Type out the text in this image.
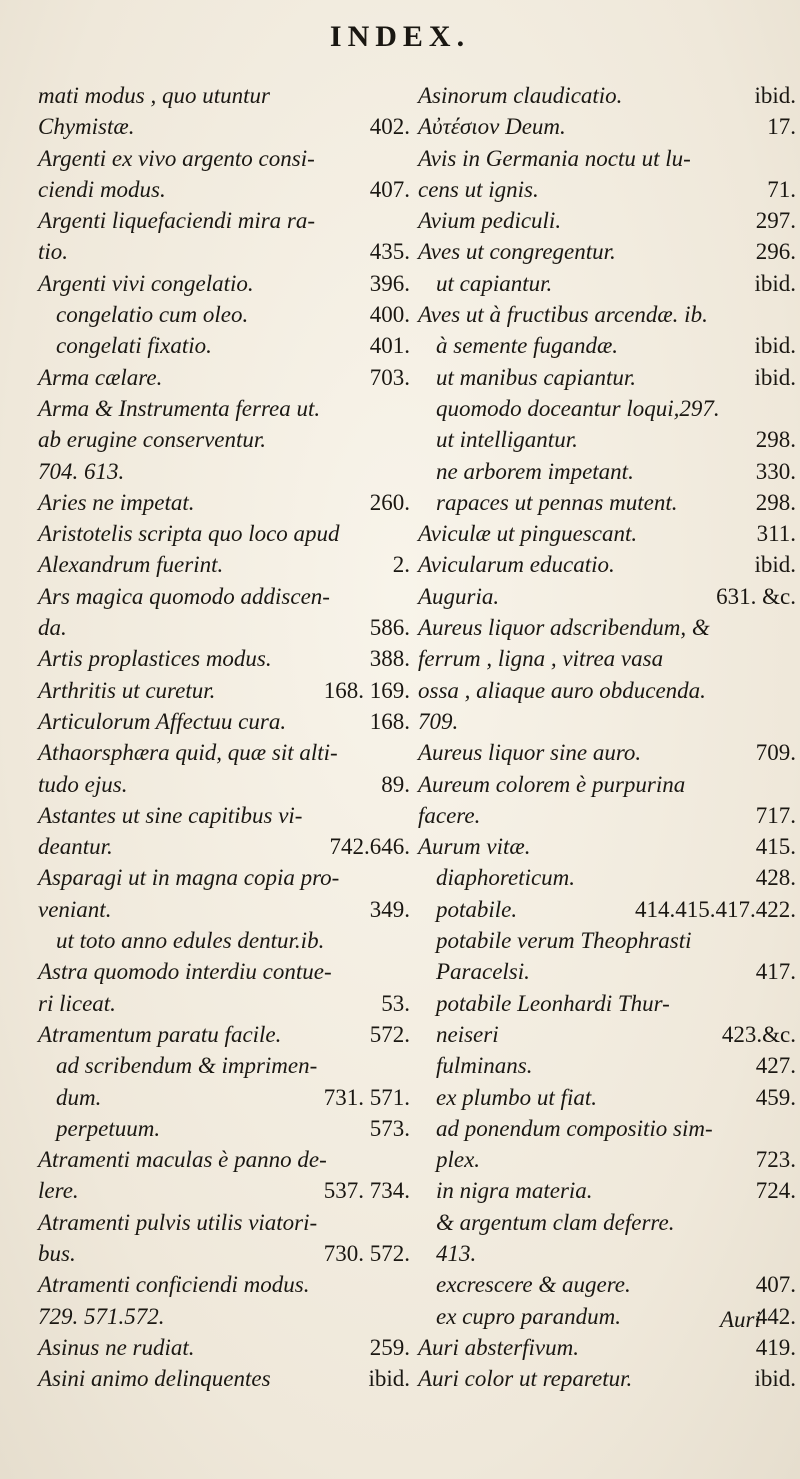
INDEX.
mati modus , quo utuntur
Chymistæ.	402.
Argenti ex vivo argento consi-
ciendi modus.	407.
Argenti liquefaciendi mira ra-
tio.	435.
Argenti vivi congelatio.	396.
congelatio cum oleo.	400.
congelati fixatio.	401.
Arma cælare.	703.
Arma & Instrumenta ferrea ut.
ab erugine conserventur.
704. 613.
Aries ne impetat.	260.
Aristotelis scripta quo loco apud
Alexandrum fuerint.	2.
Ars magica quomodo addiscen-
da.	586.
Artis proplastices modus.	388.
Arthritis ut curetur.	168. 169.
Articulorum Affectuu cura.	168.
Athaorsphæra quid, quæ sit alti-
tudo ejus.	89.
Astantes ut sine capitibus vi-
deantur.	742.646.
Asparagi ut in magna copia pro-
veniant.	349.
ut toto anno edules dentur.ib.
Astra quomodo interdiu contue-
ri liceat.	53.
Atramentum paratu facile.	572.
ad scribendum & imprimen-
dum.	731. 571.
perpetuum.	573.
Atramenti maculas è panno de-
lere.	537. 734.
Atramenti pulvis utilis viatori-
bus.	730. 572.
Atramenti conficiendi modus.
729. 571.572.
Asinus ne rudiat.	259.
Asini animo delinquentes	ibid.
Asinorum claudicatio.	ibid.
Αὐτέσιον Deum.	17.
Avis in Germania noctu ut lu-
cens ut ignis.	71.
Avium pediculi.	297.
Aves ut congregentur.	296.
ut capiantur.	ibid.
Aves ut à fructibus arcendæ. ib.
à semente fugandæ.	ibid.
ut manibus capiantur.	ibid.
quomodo doceantur loqui,297.
ut intelligantur.	298.
ne arborem impetant.	330.
rapaces ut pennas mutent.	298.
Aviculæ ut pinguescant.	311.
Avicularum educatio.	ibid.
Auguria.	631. &c.
Aureus liquor adscribendum, &
ferrum , ligna , vitrea vasa
ossa , aliaque auro obducenda.
709.
Aureus liquor sine auro.	709.
Aureum colorem è purpurina
facere.	717.
Aurum vitæ.	415.
diaphoreticum.	428.
potabile.	414.415.417.422.
potabile verum Theophrasti
Paracelsi.	417.
potabile Leonhardi Thur-
neiseri	423.&c.
fulminans.	427.
ex plumbo ut fiat.	459.
ad ponendum compositio sim-
plex.	723.
in nigra materia.	724.
& argentum clam deferre.
413.
excrescere & augere.	407.
ex cupro parandum.	442.
Auri absterfivum.	419.
Auri color ut reparetur.	ibid.
Auri
